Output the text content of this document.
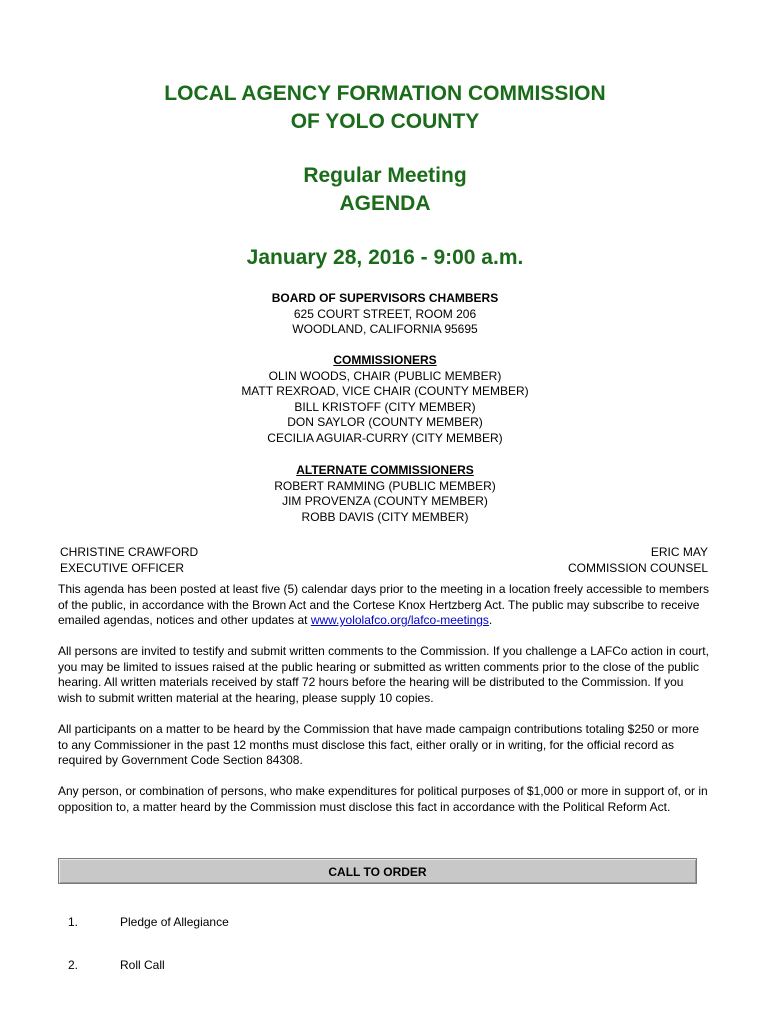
LOCAL AGENCY FORMATION COMMISSION
OF YOLO COUNTY
Regular Meeting
AGENDA
January 28, 2016 - 9:00 a.m.
BOARD OF SUPERVISORS CHAMBERS
625 COURT STREET, ROOM 206
WOODLAND, CALIFORNIA 95695
COMMISSIONERS
OLIN WOODS, CHAIR (PUBLIC MEMBER)
MATT REXROAD, VICE CHAIR (COUNTY MEMBER)
BILL KRISTOFF (CITY MEMBER)
DON SAYLOR (COUNTY MEMBER)
CECILIA AGUIAR-CURRY (CITY MEMBER)
ALTERNATE COMMISSIONERS
ROBERT RAMMING (PUBLIC MEMBER)
JIM PROVENZA (COUNTY MEMBER)
ROBB DAVIS (CITY MEMBER)
CHRISTINE CRAWFORD
EXECUTIVE OFFICER
ERIC MAY
COMMISSION COUNSEL
This agenda has been posted at least five (5) calendar days prior to the meeting in a location freely accessible to members of the public, in accordance with the Brown Act and the Cortese Knox Hertzberg Act. The public may subscribe to receive emailed agendas, notices and other updates at www.yololafco.org/lafco-meetings.
All persons are invited to testify and submit written comments to the Commission. If you challenge a LAFCo action in court, you may be limited to issues raised at the public hearing or submitted as written comments prior to the close of the public hearing. All written materials received by staff 72 hours before the hearing will be distributed to the Commission. If you wish to submit written material at the hearing, please supply 10 copies.
All participants on a matter to be heard by the Commission that have made campaign contributions totaling $250 or more to any Commissioner in the past 12 months must disclose this fact, either orally or in writing, for the official record as required by Government Code Section 84308.
Any person, or combination of persons, who make expenditures for political purposes of $1,000 or more in support of, or in opposition to, a matter heard by the Commission must disclose this fact in accordance with the Political Reform Act.
CALL TO ORDER
1.	Pledge of Allegiance
2.	Roll Call
